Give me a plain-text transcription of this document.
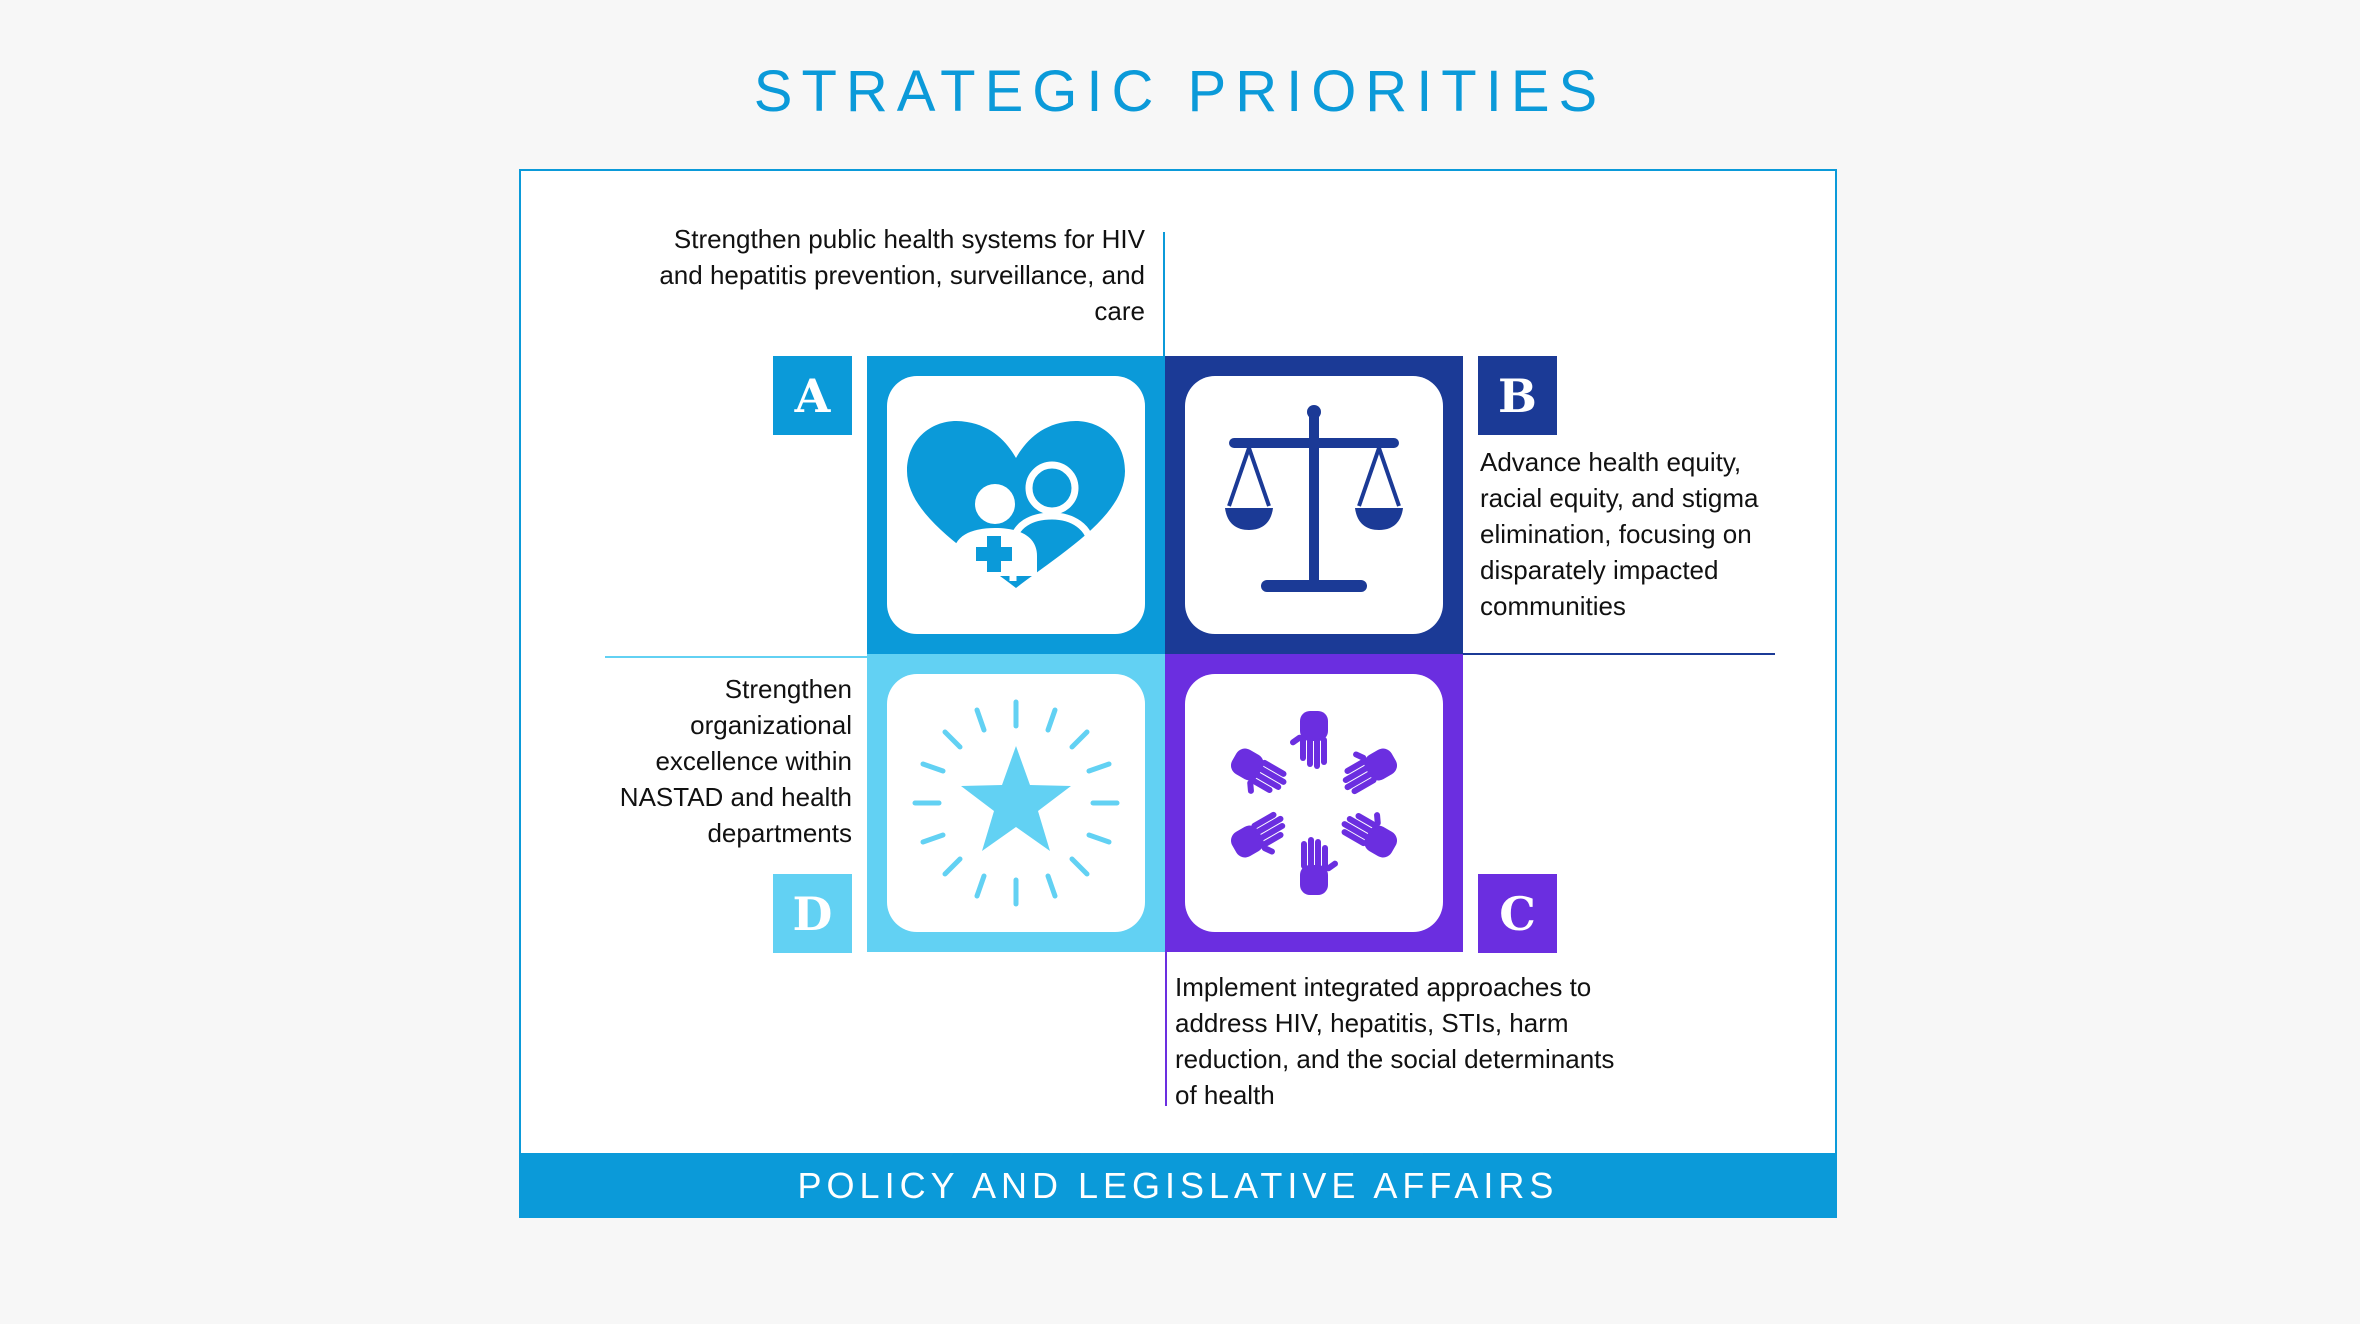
STRATEGIC PRIORITIES
A	B
D	C
Strengthen public health systems for HIV and hepatitis prevention, surveillance, and care
Advance health equity, racial equity, and stigma elimination, focusing on disparately impacted communities
Strengthen organizational excellence within NASTAD and health departments
Implement integrated approaches to address HIV, hepatitis, STIs, harm reduction, and the social determinants of health
POLICY AND LEGISLATIVE AFFAIRS
